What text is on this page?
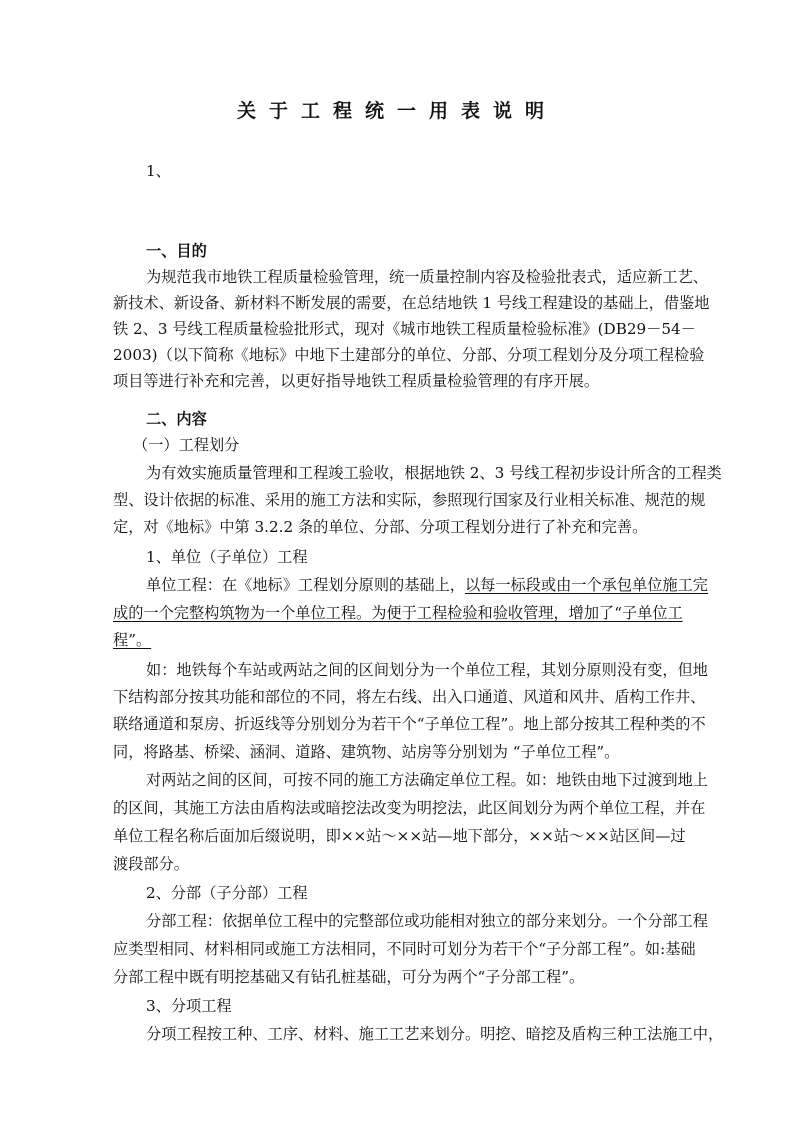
关于工程统一用表说明
1、
一、目的
为规范我市地铁工程质量检验管理，统一质量控制内容及检验批表式，适应新工艺、
新技术、新设备、新材料不断发展的需要，在总结地铁 1 号线工程建设的基础上，借鉴地
铁 2、3 号线工程质量检验批形式，现对《城市地铁工程质量检验标准》(DB29－54－
2003)（以下简称《地标》中地下土建部分的单位、分部、分项工程划分及分项工程检验
项目等进行补充和完善，以更好指导地铁工程质量检验管理的有序开展。
二、内容
（一）工程划分
为有效实施质量管理和工程竣工验收，根据地铁 2、3 号线工程初步设计所含的工程类
型、设计依据的标准、采用的施工方法和实际，参照现行国家及行业相关标准、规范的规
定，对《地标》中第 3.2.2 条的单位、分部、分项工程划分进行了补充和完善。
1、单位（子单位）工程
单位工程：在《地标》工程划分原则的基础上，以每一标段或由一个承包单位施工完
成的一个完整构筑物为一个单位工程。为便于工程检验和验收管理，增加了“子单位工
程”。
如：地铁每个车站或两站之间的区间划分为一个单位工程，其划分原则没有变，但地
下结构部分按其功能和部位的不同，将左右线、出入口通道、风道和风井、盾构工作井、
联络通道和泵房、折返线等分别划分为若干个“子单位工程”。地上部分按其工程种类的不
同，将路基、桥梁、涵洞、道路、建筑物、站房等分别划为 “子单位工程”。
对两站之间的区间，可按不同的施工方法确定单位工程。如：地铁由地下过渡到地上
的区间，其施工方法由盾构法或暗挖法改变为明挖法，此区间划分为两个单位工程，并在
单位工程名称后面加后缀说明，即××站～××站—地下部分，××站～××站区间—过
渡段部分。
2、分部（子分部）工程
分部工程：依据单位工程中的完整部位或功能相对独立的部分来划分。一个分部工程
应类型相同、材料相同或施工方法相同，不同时可划分为若干个“子分部工程”。如:基础
分部工程中既有明挖基础又有钻孔桩基础，可分为两个“子分部工程”。
3、分项工程
分项工程按工种、工序、材料、施工工艺来划分。明挖、暗挖及盾构三种工法施工中，
